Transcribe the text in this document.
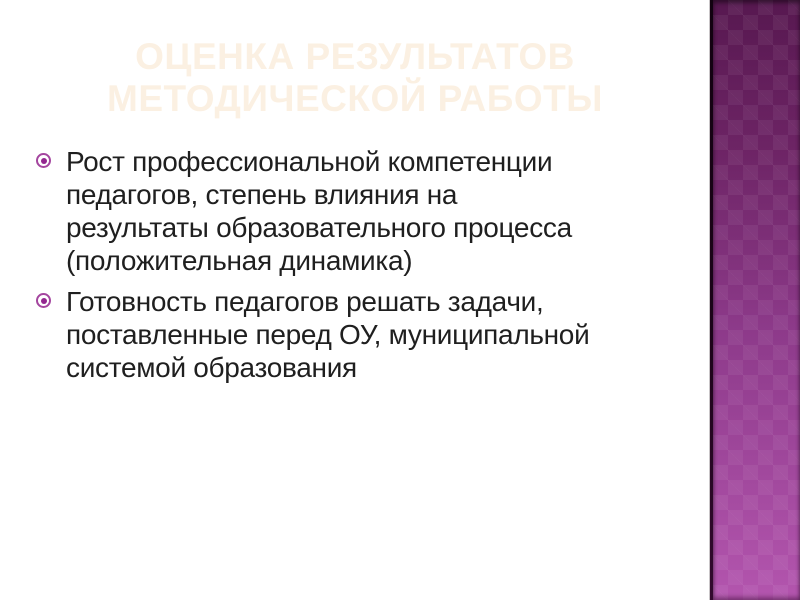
ОЦЕНКА РЕЗУЛЬТАТОВ
МЕТОДИЧЕСКОЙ РАБОТЫ
Рост профессиональной компетенции
педагогов, степень влияния на
результаты образовательного процесса
(положительная динамика)
Готовность педагогов решать задачи,
поставленные перед ОУ, муниципальной
системой образования
